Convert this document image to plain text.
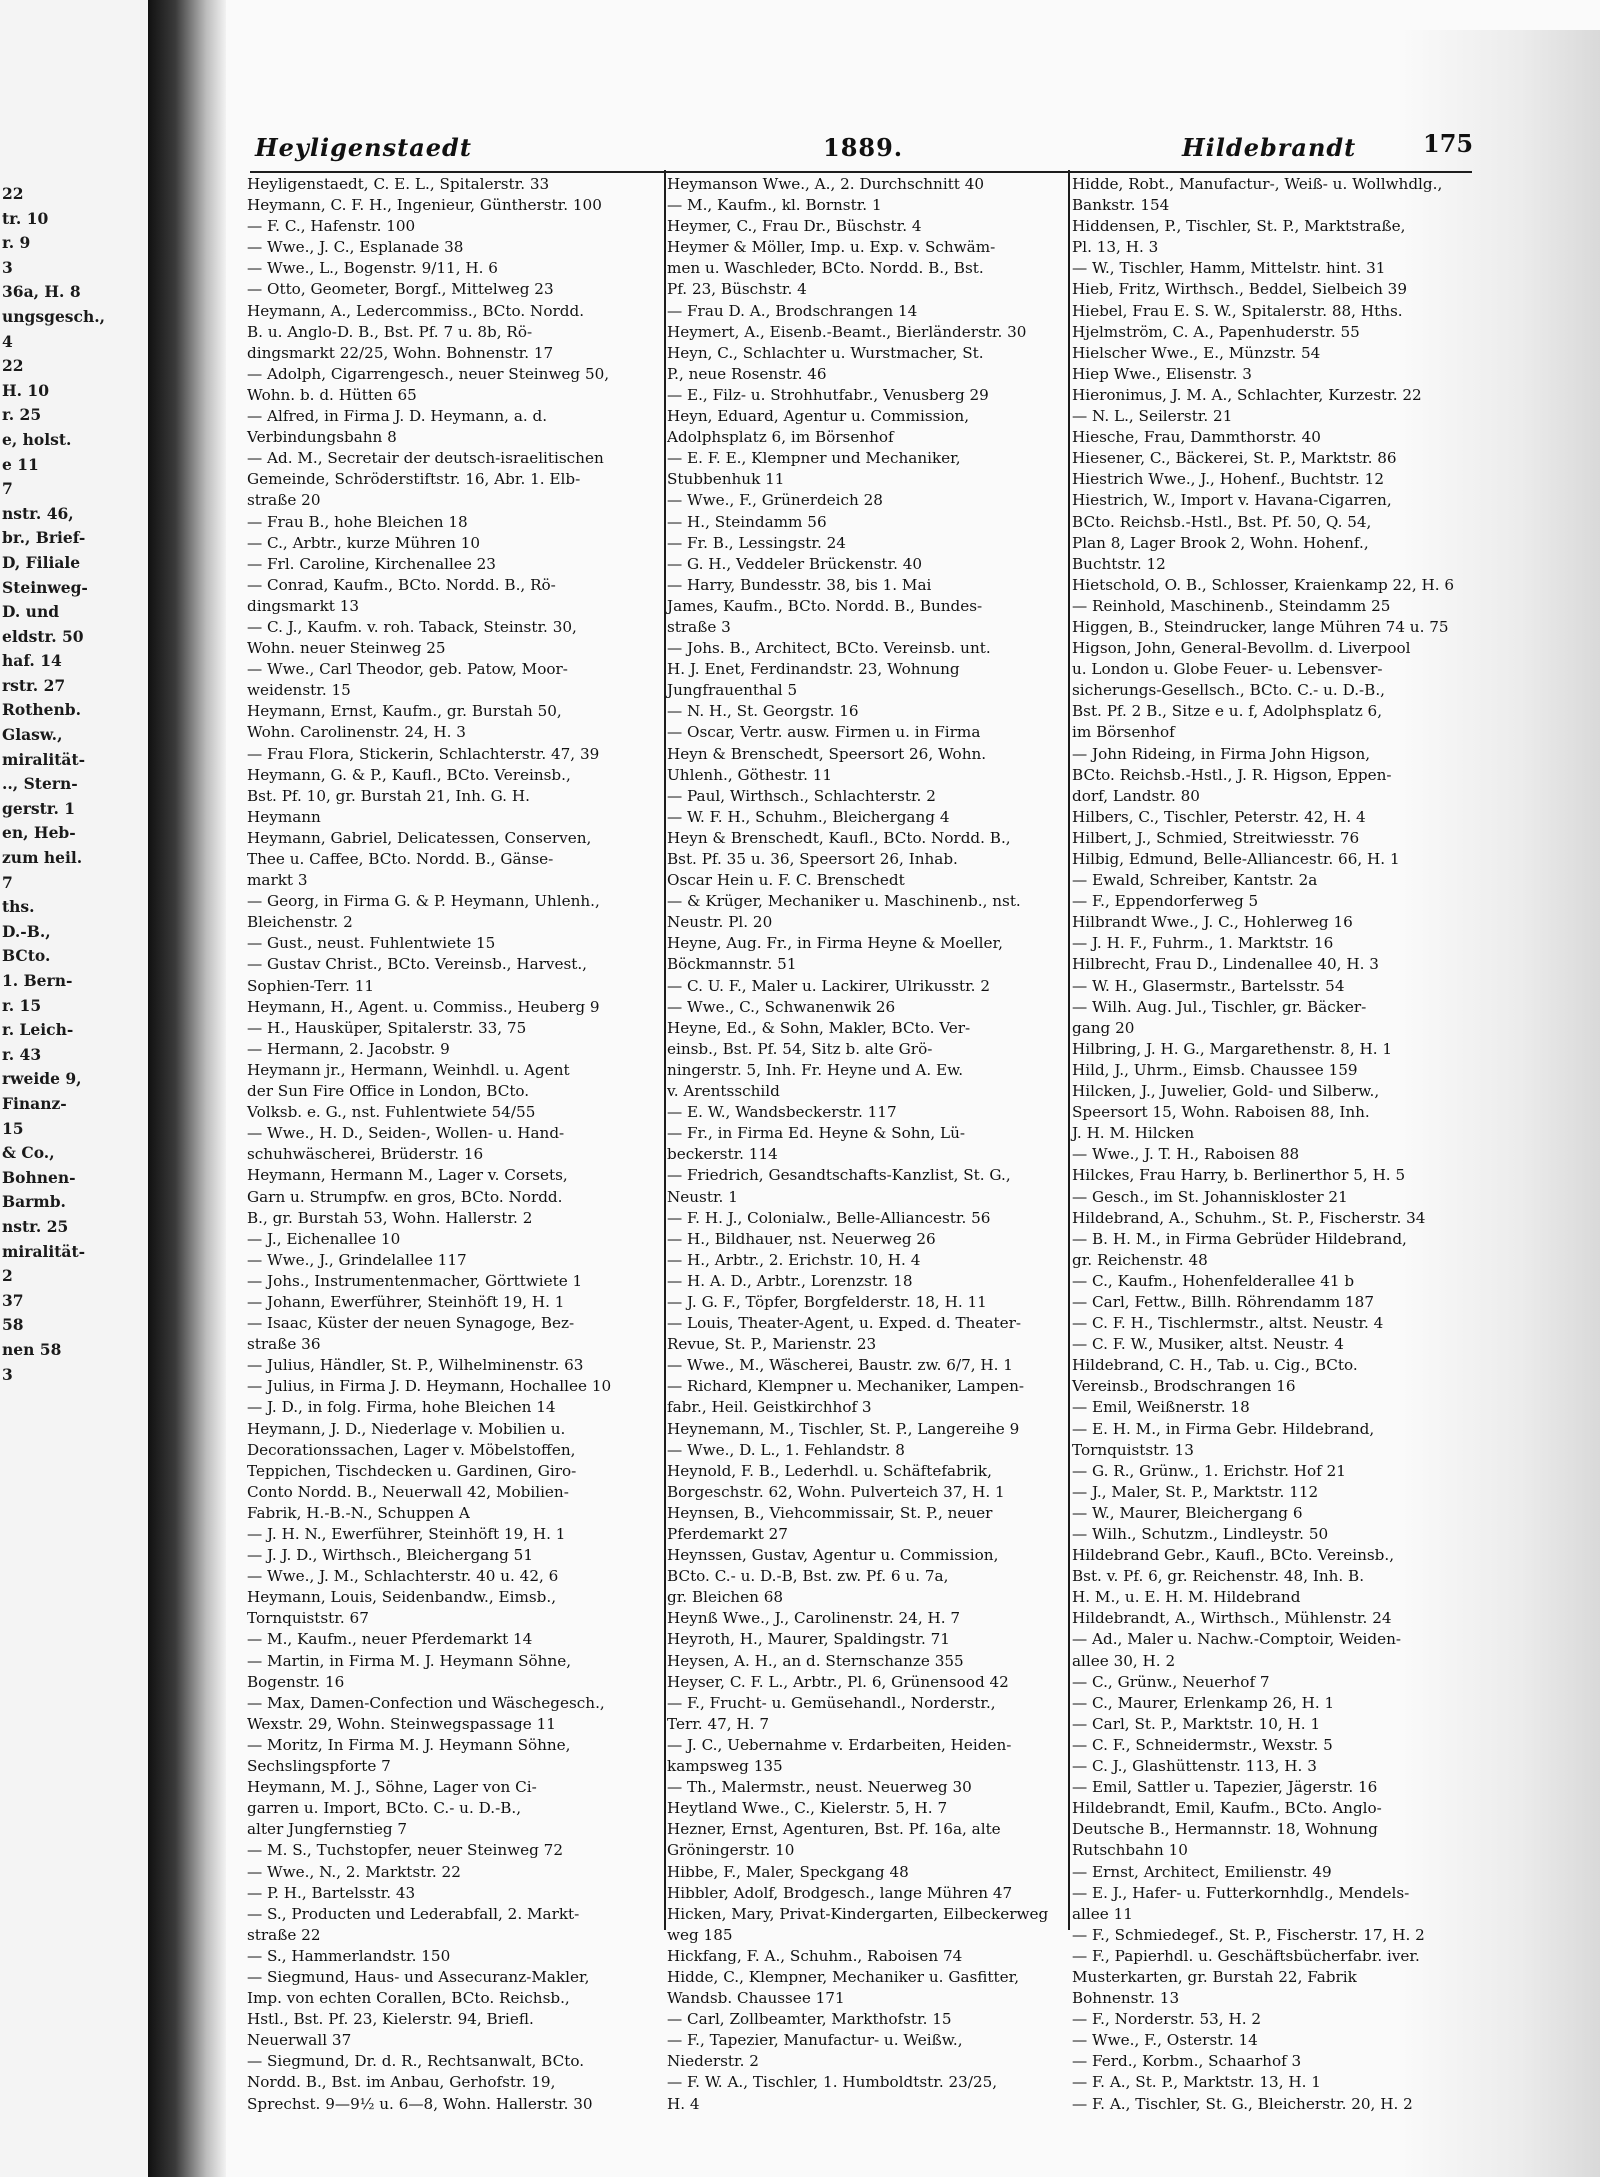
22
tr. 10
r. 9
3
36a, H. 8
ungsgesch.,
4
22
H. 10
r. 25
e, holst.
e 11
7
nstr. 46,
br., Brief-
D, Filiale
Steinweg-
D. und
eldstr. 50
haf. 14
rstr. 27
Rothenb.
Glasw.,
miralität-
.., Stern-
gerstr. 1
en, Heb-
zum heil.
7
ths.
D.-B.,
BCto.
1. Bern-
r. 15
r. Leich-
r. 43
rweide 9,
Finanz-
15
& Co.,
Bohnen-
Barmb.
nstr. 25
miralität-
2
37
58
nen 58
3
Heyligenstaedt	1889.	Hildebrandt	175
Heyligenstaedt, C. E. L., Spitalerstr. 33
Heymann, C. F. H., Ingenieur, Güntherstr. 100
— F. C., Hafenstr. 100
— Wwe., J. C., Esplanade 38
— Wwe., L., Bogenstr. 9/11, H. 6
— Otto, Geometer, Borgf., Mittelweg 23
Heymann, A., Ledercommiss., BCto. Nordd.
B. u. Anglo-D. B., Bst. Pf. 7 u. 8b, Rö-
dingsmarkt 22/25, Wohn. Bohnenstr. 17
— Adolph, Cigarrengesch., neuer Steinweg 50,
Wohn. b. d. Hütten 65
— Alfred, in Firma J. D. Heymann, a. d.
Verbindungsbahn 8
— Ad. M., Secretair der deutsch-israelitischen
Gemeinde, Schröderstiftstr. 16, Abr. 1. Elb-
straße 20
— Frau B., hohe Bleichen 18
— C., Arbtr., kurze Mühren 10
— Frl. Caroline, Kirchenallee 23
— Conrad, Kaufm., BCto. Nordd. B., Rö-
dingsmarkt 13
— C. J., Kaufm. v. roh. Taback, Steinstr. 30,
Wohn. neuer Steinweg 25
— Wwe., Carl Theodor, geb. Patow, Moor-
weidenstr. 15
Heymann, Ernst, Kaufm., gr. Burstah 50,
Wohn. Carolinenstr. 24, H. 3
— Frau Flora, Stickerin, Schlachterstr. 47, 39
Heymann, G. & P., Kaufl., BCto. Vereinsb.,
Bst. Pf. 10, gr. Burstah 21, Inh. G. H.
Heymann
Heymann, Gabriel, Delicatessen, Conserven,
Thee u. Caffee, BCto. Nordd. B., Gänse-
markt 3
— Georg, in Firma G. & P. Heymann, Uhlenh.,
Bleichenstr. 2
— Gust., neust. Fuhlentwiete 15
— Gustav Christ., BCto. Vereinsb., Harvest.,
Sophien-Terr. 11
Heymann, H., Agent. u. Commiss., Heuberg 9
— H., Hausküper, Spitalerstr. 33, 75
— Hermann, 2. Jacobstr. 9
Heymann jr., Hermann, Weinhdl. u. Agent
der Sun Fire Office in London, BCto.
Volksb. e. G., nst. Fuhlentwiete 54/55
— Wwe., H. D., Seiden-, Wollen- u. Hand-
schuhwäscherei, Brüderstr. 16
Heymann, Hermann M., Lager v. Corsets,
Garn u. Strumpfw. en gros, BCto. Nordd.
B., gr. Burstah 53, Wohn. Hallerstr. 2
— J., Eichenallee 10
— Wwe., J., Grindelallee 117
— Johs., Instrumentenmacher, Görttwiete 1
— Johann, Ewerführer, Steinhöft 19, H. 1
— Isaac, Küster der neuen Synagoge, Bez-
straße 36
— Julius, Händler, St. P., Wilhelminenstr. 63
— Julius, in Firma J. D. Heymann, Hochallee 10
— J. D., in folg. Firma, hohe Bleichen 14
Heymann, J. D., Niederlage v. Mobilien u.
Decorationssachen, Lager v. Möbelstoffen,
Teppichen, Tischdecken u. Gardinen, Giro-
Conto Nordd. B., Neuerwall 42, Mobilien-
Fabrik, H.-B.-N., Schuppen A
— J. H. N., Ewerführer, Steinhöft 19, H. 1
— J. J. D., Wirthsch., Bleichergang 51
— Wwe., J. M., Schlachterstr. 40 u. 42, 6
Heymann, Louis, Seidenbandw., Eimsb.,
Tornquiststr. 67
— M., Kaufm., neuer Pferdemarkt 14
— Martin, in Firma M. J. Heymann Söhne,
Bogenstr. 16
— Max, Damen-Confection und Wäschegesch.,
Wexstr. 29, Wohn. Steinwegspassage 11
— Moritz, In Firma M. J. Heymann Söhne,
Sechslingspforte 7
Heymann, M. J., Söhne, Lager von Ci-
garren u. Import, BCto. C.- u. D.-B.,
alter Jungfernstieg 7
— M. S., Tuchstopfer, neuer Steinweg 72
— Wwe., N., 2. Marktstr. 22
— P. H., Bartelsstr. 43
— S., Producten und Lederabfall, 2. Markt-
straße 22
— S., Hammerlandstr. 150
— Siegmund, Haus- und Assecuranz-Makler,
Imp. von echten Corallen, BCto. Reichsb.,
Hstl., Bst. Pf. 23, Kielerstr. 94, Briefl.
Neuerwall 37
— Siegmund, Dr. d. R., Rechtsanwalt, BCto.
Nordd. B., Bst. im Anbau, Gerhofstr. 19,
Sprechst. 9—9½ u. 6—8, Wohn. Hallerstr. 30
Heymanson Wwe., A., 2. Durchschnitt 40
— M., Kaufm., kl. Bornstr. 1
Heymer, C., Frau Dr., Büschstr. 4
Heymer & Möller, Imp. u. Exp. v. Schwäm-
men u. Waschleder, BCto. Nordd. B., Bst.
Pf. 23, Büschstr. 4
— Frau D. A., Brodschrangen 14
Heymert, A., Eisenb.-Beamt., Bierländerstr. 30
Heyn, C., Schlachter u. Wurstmacher, St.
P., neue Rosenstr. 46
— E., Filz- u. Strohhutfabr., Venusberg 29
Heyn, Eduard, Agentur u. Commission,
Adolphsplatz 6, im Börsenhof
— E. F. E., Klempner und Mechaniker,
Stubbenhuk 11
— Wwe., F., Grünerdeich 28
— H., Steindamm 56
— Fr. B., Lessingstr. 24
— G. H., Veddeler Brückenstr. 40
— Harry, Bundesstr. 38, bis 1. Mai
James, Kaufm., BCto. Nordd. B., Bundes-
straße 3
— Johs. B., Architect, BCto. Vereinsb. unt.
H. J. Enet, Ferdinandstr. 23, Wohnung
Jungfrauenthal 5
— N. H., St. Georgstr. 16
— Oscar, Vertr. ausw. Firmen u. in Firma
Heyn & Brenschedt, Speersort 26, Wohn.
Uhlenh., Göthestr. 11
— Paul, Wirthsch., Schlachterstr. 2
— W. F. H., Schuhm., Bleichergang 4
Heyn & Brenschedt, Kaufl., BCto. Nordd. B.,
Bst. Pf. 35 u. 36, Speersort 26, Inhab.
Oscar Hein u. F. C. Brenschedt
— & Krüger, Mechaniker u. Maschinenb., nst.
Neustr. Pl. 20
Heyne, Aug. Fr., in Firma Heyne & Moeller,
Böckmannstr. 51
— C. U. F., Maler u. Lackirer, Ulrikusstr. 2
— Wwe., C., Schwanenwik 26
Heyne, Ed., & Sohn, Makler, BCto. Ver-
einsb., Bst. Pf. 54, Sitz b. alte Grö-
ningerstr. 5, Inh. Fr. Heyne und A. Ew.
v. Arentsschild
— E. W., Wandsbeckerstr. 117
— Fr., in Firma Ed. Heyne & Sohn, Lü-
beckerstr. 114
— Friedrich, Gesandtschafts-Kanzlist, St. G.,
Neustr. 1
— F. H. J., Colonialw., Belle-Alliancestr. 56
— H., Bildhauer, nst. Neuerweg 26
— H., Arbtr., 2. Erichstr. 10, H. 4
— H. A. D., Arbtr., Lorenzstr. 18
— J. G. F., Töpfer, Borgfelderstr. 18, H. 11
— Louis, Theater-Agent, u. Exped. d. Theater-
Revue, St. P., Marienstr. 23
— Wwe., M., Wäscherei, Baustr. zw. 6/7, H. 1
— Richard, Klempner u. Mechaniker, Lampen-
fabr., Heil. Geistkirchhof 3
Heynemann, M., Tischler, St. P., Langereihe 9
— Wwe., D. L., 1. Fehlandstr. 8
Heynold, F. B., Lederhdl. u. Schäftefabrik,
Borgeschstr. 62, Wohn. Pulverteich 37, H. 1
Heynsen, B., Viehcommissair, St. P., neuer
Pferdemarkt 27
Heynssen, Gustav, Agentur u. Commission,
BCto. C.- u. D.-B, Bst. zw. Pf. 6 u. 7a,
gr. Bleichen 68
Heynß Wwe., J., Carolinenstr. 24, H. 7
Heyroth, H., Maurer, Spaldingstr. 71
Heysen, A. H., an d. Sternschanze 355
Heyser, C. F. L., Arbtr., Pl. 6, Grünensood 42
— F., Frucht- u. Gemüsehandl., Norderstr.,
Terr. 47, H. 7
— J. C., Uebernahme v. Erdarbeiten, Heiden-
kampsweg 135
— Th., Malermstr., neust. Neuerweg 30
Heytland Wwe., C., Kielerstr. 5, H. 7
Hezner, Ernst, Agenturen, Bst. Pf. 16a, alte
Gröningerstr. 10
Hibbe, F., Maler, Speckgang 48
Hibbler, Adolf, Brodgesch., lange Mühren 47
Hicken, Mary, Privat-Kindergarten, Eilbeckerweg
weg 185
Hickfang, F. A., Schuhm., Raboisen 74
Hidde, C., Klempner, Mechaniker u. Gasfitter,
Wandsb. Chaussee 171
— Carl, Zollbeamter, Markthofstr. 15
— F., Tapezier, Manufactur- u. Weißw.,
Niederstr. 2
— F. W. A., Tischler, 1. Humboldtstr. 23/25,
H. 4
Hidde, Robt., Manufactur-, Weiß- u. Wollwhdlg.,
Bankstr. 154
Hiddensen, P., Tischler, St. P., Marktstraße,
Pl. 13, H. 3
— W., Tischler, Hamm, Mittelstr. hint. 31
Hieb, Fritz, Wirthsch., Beddel, Sielbeich 39
Hiebel, Frau E. S. W., Spitalerstr. 88, Hths.
Hjelmström, C. A., Papenhuderstr. 55
Hielscher Wwe., E., Münzstr. 54
Hiep Wwe., Elisenstr. 3
Hieronimus, J. M. A., Schlachter, Kurzestr. 22
— N. L., Seilerstr. 21
Hiesche, Frau, Dammthorstr. 40
Hiesener, C., Bäckerei, St. P., Marktstr. 86
Hiestrich Wwe., J., Hohenf., Buchtstr. 12
Hiestrich, W., Import v. Havana-Cigarren,
BCto. Reichsb.-Hstl., Bst. Pf. 50, Q. 54,
Plan 8, Lager Brook 2, Wohn. Hohenf.,
Buchtstr. 12
Hietschold, O. B., Schlosser, Kraienkamp 22, H. 6
— Reinhold, Maschinenb., Steindamm 25
Higgen, B., Steindrucker, lange Mühren 74 u. 75
Higson, John, General-Bevollm. d. Liverpool
u. London u. Globe Feuer- u. Lebensver-
sicherungs-Gesellsch., BCto. C.- u. D.-B.,
Bst. Pf. 2 B., Sitze e u. f, Adolphsplatz 6,
im Börsenhof
— John Rideing, in Firma John Higson,
BCto. Reichsb.-Hstl., J. R. Higson, Eppen-
dorf, Landstr. 80
Hilbers, C., Tischler, Peterstr. 42, H. 4
Hilbert, J., Schmied, Streitwiesstr. 76
Hilbig, Edmund, Belle-Alliancestr. 66, H. 1
— Ewald, Schreiber, Kantstr. 2a
— F., Eppendorferweg 5
Hilbrandt Wwe., J. C., Hohlerweg 16
— J. H. F., Fuhrm., 1. Marktstr. 16
Hilbrecht, Frau D., Lindenallee 40, H. 3
— W. H., Glasermstr., Bartelsstr. 54
— Wilh. Aug. Jul., Tischler, gr. Bäcker-
gang 20
Hilbring, J. H. G., Margarethenstr. 8, H. 1
Hild, J., Uhrm., Eimsb. Chaussee 159
Hilcken, J., Juwelier, Gold- und Silberw.,
Speersort 15, Wohn. Raboisen 88, Inh.
J. H. M. Hilcken
— Wwe., J. T. H., Raboisen 88
Hilckes, Frau Harry, b. Berlinerthor 5, H. 5
— Gesch., im St. Johanniskloster 21
Hildebrand, A., Schuhm., St. P., Fischerstr. 34
— B. H. M., in Firma Gebrüder Hildebrand,
gr. Reichenstr. 48
— C., Kaufm., Hohenfelderallee 41 b
— Carl, Fettw., Billh. Röhrendamm 187
— C. F. H., Tischlermstr., altst. Neustr. 4
— C. F. W., Musiker, altst. Neustr. 4
Hildebrand, C. H., Tab. u. Cig., BCto.
Vereinsb., Brodschrangen 16
— Emil, Weißnerstr. 18
— E. H. M., in Firma Gebr. Hildebrand,
Tornquiststr. 13
— G. R., Grünw., 1. Erichstr. Hof 21
— J., Maler, St. P., Marktstr. 112
— W., Maurer, Bleichergang 6
— Wilh., Schutzm., Lindleystr. 50
Hildebrand Gebr., Kaufl., BCto. Vereinsb.,
Bst. v. Pf. 6, gr. Reichenstr. 48, Inh. B.
H. M., u. E. H. M. Hildebrand
Hildebrandt, A., Wirthsch., Mühlenstr. 24
— Ad., Maler u. Nachw.-Comptoir, Weiden-
allee 30, H. 2
— C., Grünw., Neuerhof 7
— C., Maurer, Erlenkamp 26, H. 1
— Carl, St. P., Marktstr. 10, H. 1
— C. F., Schneidermstr., Wexstr. 5
— C. J., Glashüttenstr. 113, H. 3
— Emil, Sattler u. Tapezier, Jägerstr. 16
Hildebrandt, Emil, Kaufm., BCto. Anglo-
Deutsche B., Hermannstr. 18, Wohnung
Rutschbahn 10
— Ernst, Architect, Emilienstr. 49
— E. J., Hafer- u. Futterkornhdlg., Mendels-
allee 11
— F., Schmiedegef., St. P., Fischerstr. 17, H. 2
— F., Papierhdl. u. Geschäftsbücherfabr. iver.
Musterkarten, gr. Burstah 22, Fabrik
Bohnenstr. 13
— F., Norderstr. 53, H. 2
— Wwe., F., Osterstr. 14
— Ferd., Korbm., Schaarhof 3
— F. A., St. P., Marktstr. 13, H. 1
— F. A., Tischler, St. G., Bleicherstr. 20, H. 2
